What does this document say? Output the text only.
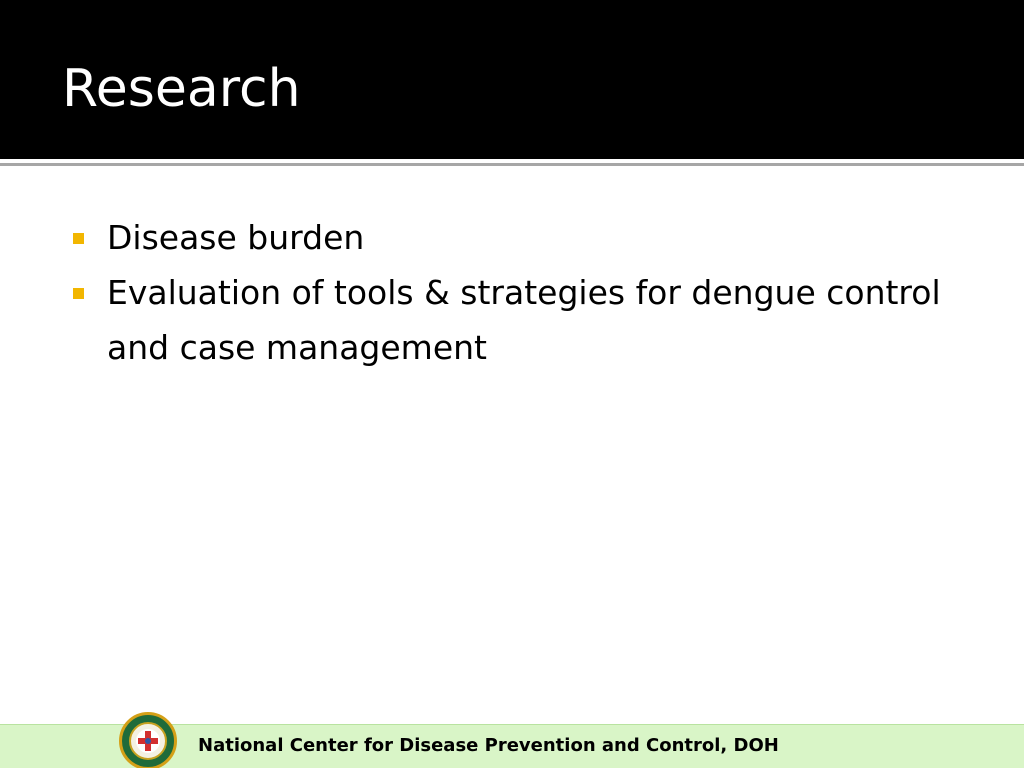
Research
Disease burden
Evaluation of tools & strategies for dengue control and case management
National Center for Disease Prevention and Control, DOH
